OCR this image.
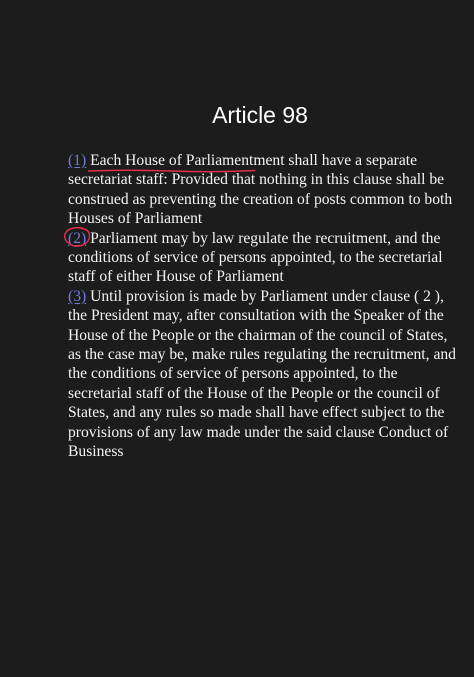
Article 98

(1) Each House of Parliament
ment shall have a separate secretariat staff: Provided that nothing in this clause shall be construed as preventing the creation of posts common to both Houses of Parliament

(2)
Parliament may by law regulate the recruitment, and the conditions of service of persons appointed, to the secretarial staff of either House of Parliament

(3) Until provision is made by Parliament under clause ( 2 ), the President may, after consultation with the Speaker of the House of the People or the chairman of the council of States, as the case may be, make rules regulating the recruitment, and the conditions of service of persons appointed, to the secretarial staff of the House of the People or the council of States, and any rules so made shall have effect subject to the provisions of any law made under the said clause Conduct of Business
